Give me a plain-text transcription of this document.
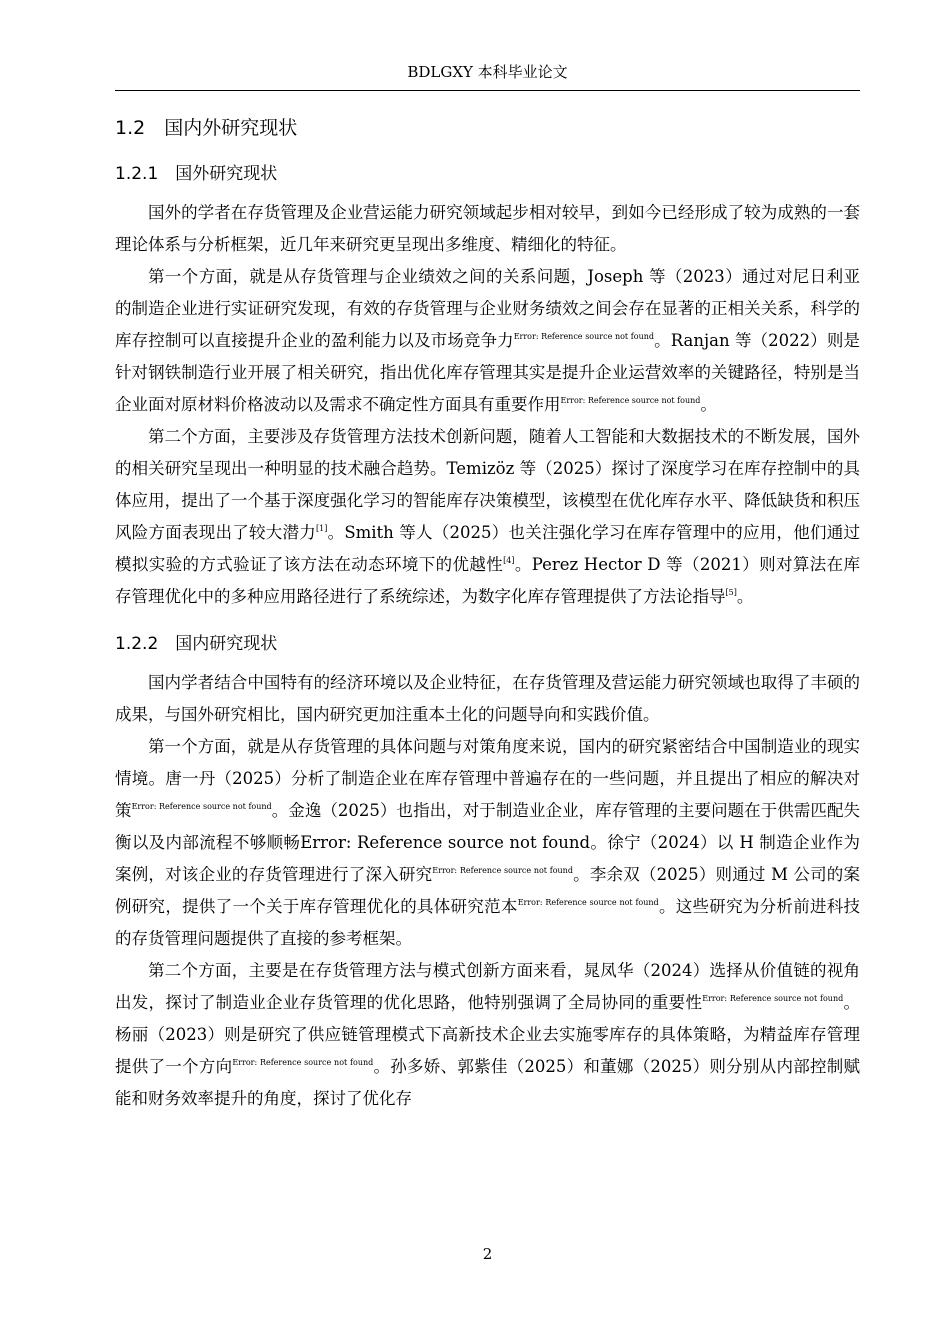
BDLGXY 本科毕业论文
1.2　国内外研究现状
1.2.1　国外研究现状

国外的学者在存货管理及企业营运能力研究领域起步相对较早，到如今已经形成了较为成熟的一套理论体系与分析框架，近几年来研究更呈现出多维度、精细化的特征。

第一个方面，就是从存货管理与企业绩效之间的关系问题，Joseph 等（2023）通过对尼日利亚的制造企业进行实证研究发现，有效的存货管理与企业财务绩效之间会存在显著的正相关关系，科学的库存控制可以直接提升企业的盈利能力以及市场竞争力$^{Error: Reference source not found}$。Ranjan 等（2022）则是针对钢铁制造行业开展了相关研究，指出优化库存管理其实是提升企业运营效率的关键路径，特别是当企业面对原材料价格波动以及需求不确定性方面具有重要作用$^{Error: Reference source not found}$。

第二个方面，主要涉及存货管理方法技术创新问题，随着人工智能和大数据技术的不断发展，国外的相关研究呈现出一种明显的技术融合趋势。Temizöz 等（2025）探讨了深度学习在库存控制中的具体应用，提出了一个基于深度强化学习的智能库存决策模型，该模型在优化库存水平、降低缺货和积压风险方面表现出了较大潜力[1]。Smith 等人（2025）也关注强化学习在库存管理中的应用，他们通过模拟实验的方式验证了该方法在动态环境下的优越性[4]。Perez Hector D 等（2021）则对算法在库存管理优化中的多种应用路径进行了系统综述，为数字化库存管理提供了方法论指导[5]。

1.2.2　国内研究现状

国内学者结合中国特有的经济环境以及企业特征，在存货管理及营运能力研究领域也取得了丰硕的成果，与国外研究相比，国内研究更加注重本土化的问题导向和实践价值。

第一个方面，就是从存货管理的具体问题与对策角度来说，国内的研究紧密结合中国制造业的现实情境。唐一丹（2025）分析了制造企业在库存管理中普遍存在的一些问题，并且提出了相应的解决对策$^{Error: Reference source not found}$。金逸（2025）也指出，对于制造业企业，库存管理的主要问题在于供需匹配失衡以及内部流程不够顺畅Error: Reference source not found。徐宁（2024）以 H 制造企业作为案例，对该企业的存货管理进行了深入研究$^{Error: Reference source not found}$。李余双（2025）则通过 M 公司的案例研究，提供了一个关于库存管理优化的具体研究范本$^{Error: Reference source not found}$。这些研究为分析前进科技的存货管理问题提供了直接的参考框架。

第二个方面，主要是在存货管理方法与模式创新方面来看，晁凤华（2024）选择从价值链的视角出发，探讨了制造业企业存货管理的优化思路，他特别强调了全局协同的重要性$^{Error: Reference source not found}$。杨丽（2023）则是研究了供应链管理模式下高新技术企业去实施零库存的具体策略，为精益库存管理提供了一个方向$^{Error: Reference source not found}$。孙多娇、郭紫佳（2025）和董娜（2025）则分别从内部控制赋能和财务效率提升的角度，探讨了优化存

2
